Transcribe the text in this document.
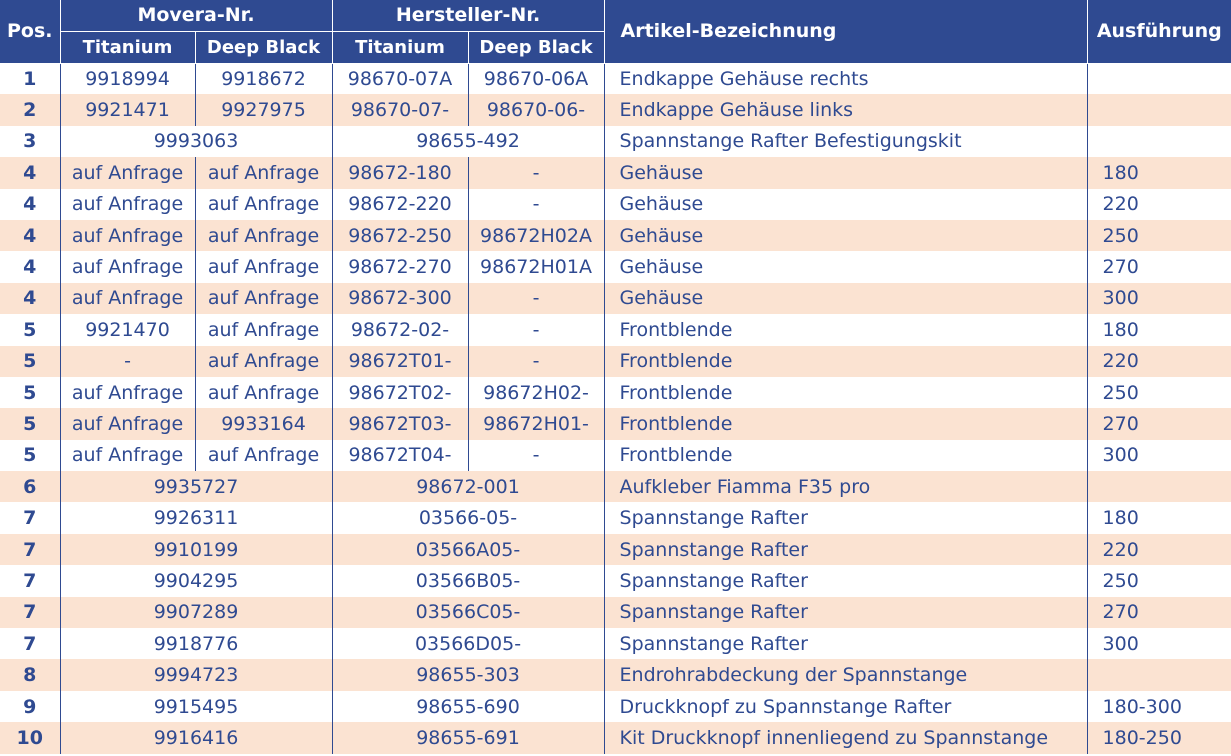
Pos.	Movera-Nr.		Hersteller-Nr.		Artikel-Bezeichnung	Ausführung
	Titanium	Deep Black	Titanium	Deep Black		
1	9918994	9918672	98670-07A	98670-06A	Endkappe Gehäuse rechts	
2	9921471	9927975	98670-07-	98670-06-	Endkappe Gehäuse links	
3	9993063		98655-492		Spannstange Rafter Befestigungskit	
4	auf Anfrage	auf Anfrage	98672-180	-	Gehäuse	180
4	auf Anfrage	auf Anfrage	98672-220	-	Gehäuse	220
4	auf Anfrage	auf Anfrage	98672-250	98672H02A	Gehäuse	250
4	auf Anfrage	auf Anfrage	98672-270	98672H01A	Gehäuse	270
4	auf Anfrage	auf Anfrage	98672-300	-	Gehäuse	300
5	9921470	auf Anfrage	98672-02-	-	Frontblende	180
5	-	auf Anfrage	98672T01-	-	Frontblende	220
5	auf Anfrage	auf Anfrage	98672T02-	98672H02-	Frontblende	250
5	auf Anfrage	9933164	98672T03-	98672H01-	Frontblende	270
5	auf Anfrage	auf Anfrage	98672T04-	-	Frontblende	300
6	9935727		98672-001		Aufkleber Fiamma F35 pro	
7	9926311		03566-05-		Spannstange Rafter	180
7	9910199		03566A05-		Spannstange Rafter	220
7	9904295		03566B05-		Spannstange Rafter	250
7	9907289		03566C05-		Spannstange Rafter	270
7	9918776		03566D05-		Spannstange Rafter	300
8	9994723		98655-303		Endrohrabdeckung der Spannstange	
9	9915495		98655-690		Druckknopf zu Spannstange Rafter	180-300
10	9916416		98655-691		Kit Druckknopf innenliegend zu Spannstange	180-250
